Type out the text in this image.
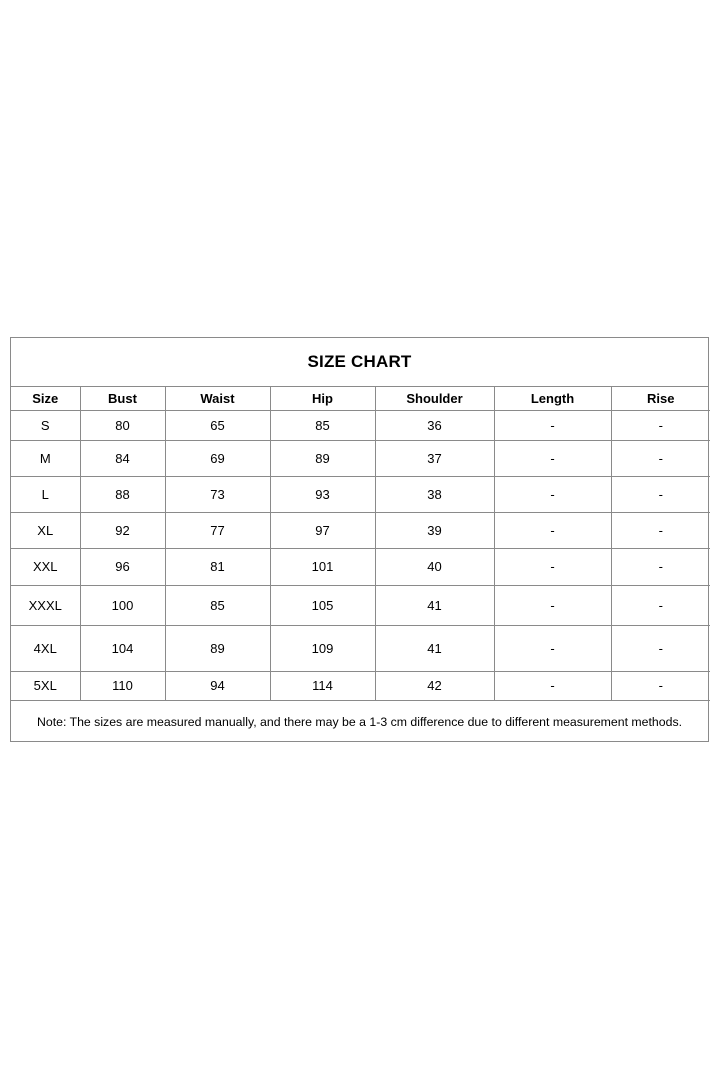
SIZE CHART
Size	Bust	Waist	Hip	Shoulder	Length	Rise
S	80	65	85	36	-	-
M	84	69	89	37	-	-
L	88	73	93	38	-	-
XL	92	77	97	39	-	-
XXL	96	81	101	40	-	-
XXXL	100	85	105	41	-	-
4XL	104	89	109	41	-	-
5XL	110	94	114	42	-	-
Note: The sizes are measured manually, and there may be a 1-3 cm difference due to different measurement methods.
